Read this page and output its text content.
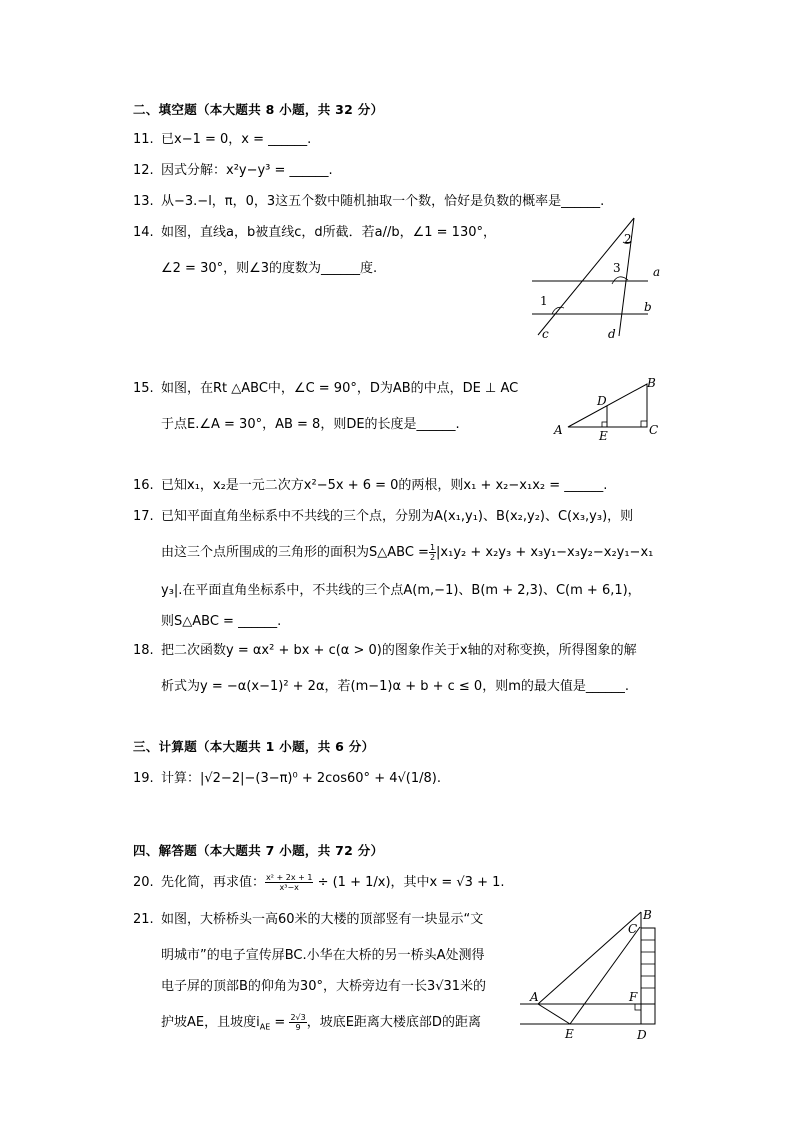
二、填空题（本大题共 8 小题，共 32 分）
11. 已x−1 = 0，x = ______.
12. 因式分解：x²y−y³ = ______.
13. 从−3.−l，π，0，3这五个数中随机抽取一个数，恰好是负数的概率是______.
14. 如图，直线a，b被直线c，d所截．若a//b，∠1 = 130°，
∠2 = 30°，则∠3的度数为______度.	a
b
c	d
1
2
3
15. 如图，在Rt △ABC中，∠C = 90°，D为AB的中点，DE ⊥ AC
于点E.∠A = 30°，AB = 8，则DE的长度是______.	A
B
C
D
E
16. 已知x₁，x₂是一元二次方x²−5x + 6 = 0的两根，则x₁ + x₂−x₁x₂ = ______.
17. 已知平面直角坐标系中不共线的三个点，分别为A(x₁,y₁)、B(x₂,y₂)、C(x₃,y₃)，则
由这三个点所围成的三角形的面积为S△ABC = $\frac{1}{2} |x_1y_2 + x_2y_3 + x_3y_1-x_3y_2-x_2y_1-x_1$
y₃|.在平面直角坐标系中，不共线的三个点A(m,−1)、B(m + 2,3)、C(m + 6,1)，
则S△ABC = ______.
18. 把二次函数y = αx² + bx + c(α > 0)的图象作关于x轴的对称变换，所得图象的解
析式为y = −α(x−1)² + 2α，若(m−1)α + b + c ≤ 0，则m的最大值是______.
三、计算题（本大题共 1 小题，共 6 分）
19. 计算：|√2−2|−(3−π)⁰ + 2cos60° + 4√(1/8).
四、解答题（本大题共 7 小题，共 72 分）
20. 先化简，再求值： $\frac{\text{x² + 2x + 1}}{\text{x³−x}} \div (1 + 1/x)$，其中x = √3 + 1.
21. 如图，大桥桥头一高60米的大楼的顶部竖有一块显示“文
明城市”的电子宣传屏BC.小华在大桥的另一桥头A处测得
电子屏的顶部B的仰角为30°，大桥旁边有一长3√31米的
护坡AE，且坡度$i_{AE} = \frac{2√3}{9}$ ，坡底E距离大楼底部D的距离
A
B
C
D
E
F
